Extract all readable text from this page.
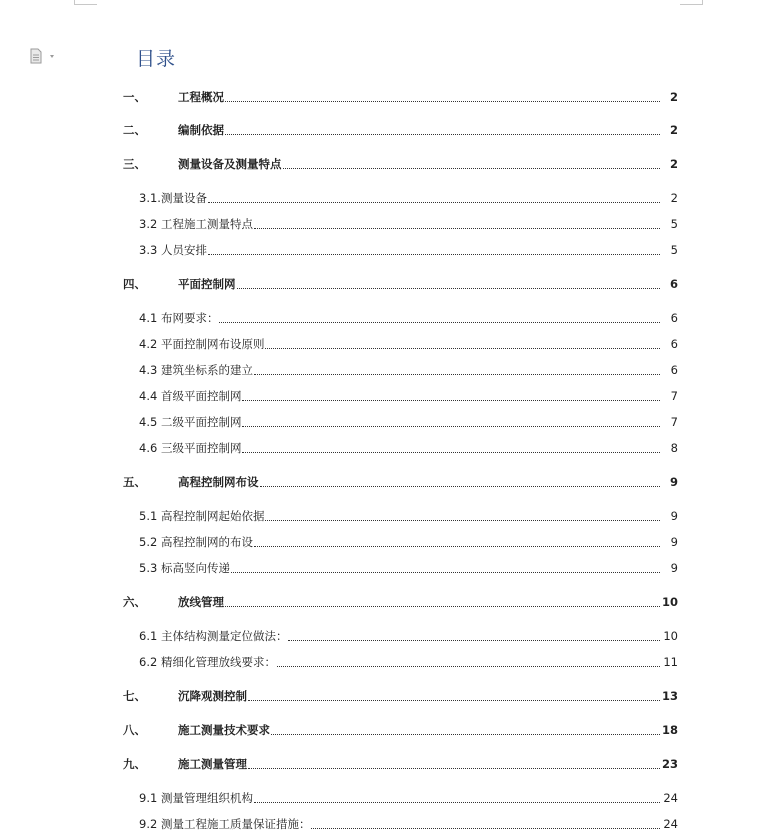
目录
一、	工程概况	2
二、	编制依据	2
三、	测量设备及测量特点	2
3.1.测量设备	2
3.2 工程施工测量特点	5
3.3 人员安排	5
四、	平面控制网	6
4.1 布网要求：	6
4.2 平面控制网布设原则	6
4.3 建筑坐标系的建立	6
4.4 首级平面控制网	7
4.5 二级平面控制网	7
4.6 三级平面控制网	8
五、	高程控制网布设	9
5.1 高程控制网起始依据	9
5.2 高程控制网的布设	9
5.3 标高竖向传递	9
六、	放线管理	10
6.1 主体结构测量定位做法：	10
6.2 精细化管理放线要求：	11
七、	沉降观测控制	13
八、	施工测量技术要求	18
九、	施工测量管理	23
9.1 测量管理组织机构	24
9.2 测量工程施工质量保证措施：	24
